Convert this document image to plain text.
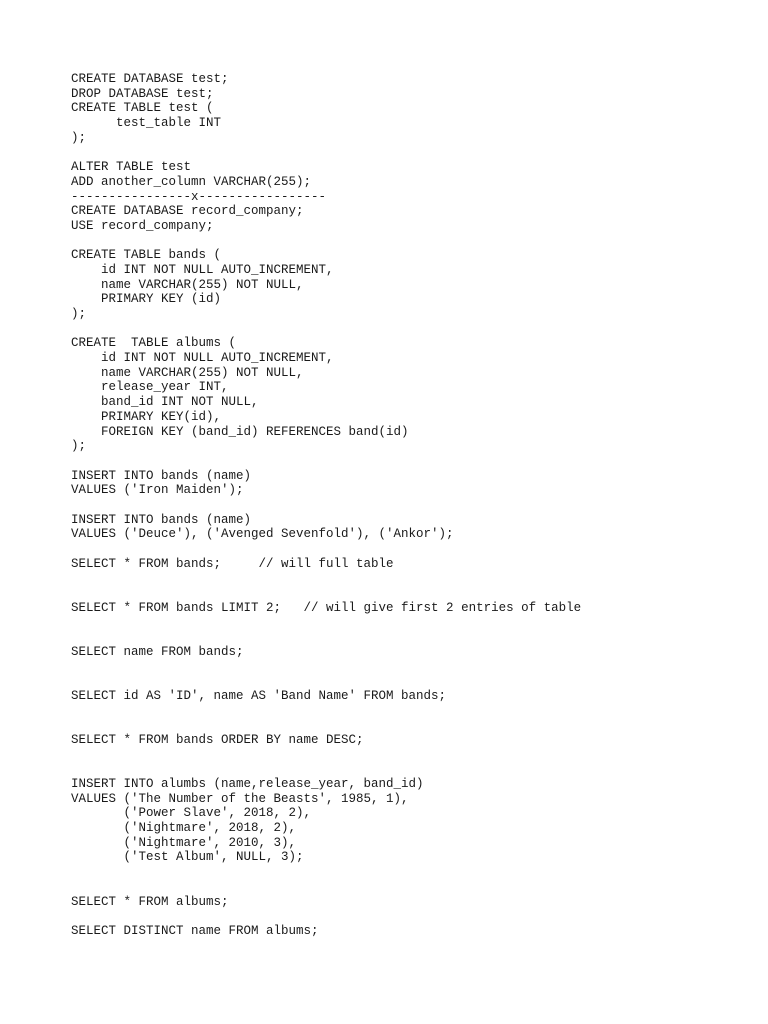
CREATE DATABASE test;
DROP DATABASE test;
CREATE TABLE test (
test_table INT
);
ALTER TABLE test
ADD another_column VARCHAR(255);
----------------x-----------------
CREATE DATABASE record_company;
USE record_company;
CREATE TABLE bands (
id INT NOT NULL AUTO_INCREMENT,
name VARCHAR(255) NOT NULL,
PRIMARY KEY (id)
);
CREATE  TABLE albums (
id INT NOT NULL AUTO_INCREMENT,
name VARCHAR(255) NOT NULL,
release_year INT,
band_id INT NOT NULL,
PRIMARY KEY(id),
FOREIGN KEY (band_id) REFERENCES band(id)
);
INSERT INTO bands (name)
VALUES ('Iron Maiden');
INSERT INTO bands (name)
VALUES ('Deuce'), ('Avenged Sevenfold'), ('Ankor');
SELECT * FROM bands;     // will full table
SELECT * FROM bands LIMIT 2;   // will give first 2 entries of table
SELECT name FROM bands;
SELECT id AS 'ID', name AS 'Band Name' FROM bands;
SELECT * FROM bands ORDER BY name DESC;
INSERT INTO alumbs (name,release_year, band_id)
VALUES ('The Number of the Beasts', 1985, 1),
('Power Slave', 2018, 2),
('Nightmare', 2018, 2),
('Nightmare', 2010, 3),
('Test Album', NULL, 3);
SELECT * FROM albums;
SELECT DISTINCT name FROM albums;
